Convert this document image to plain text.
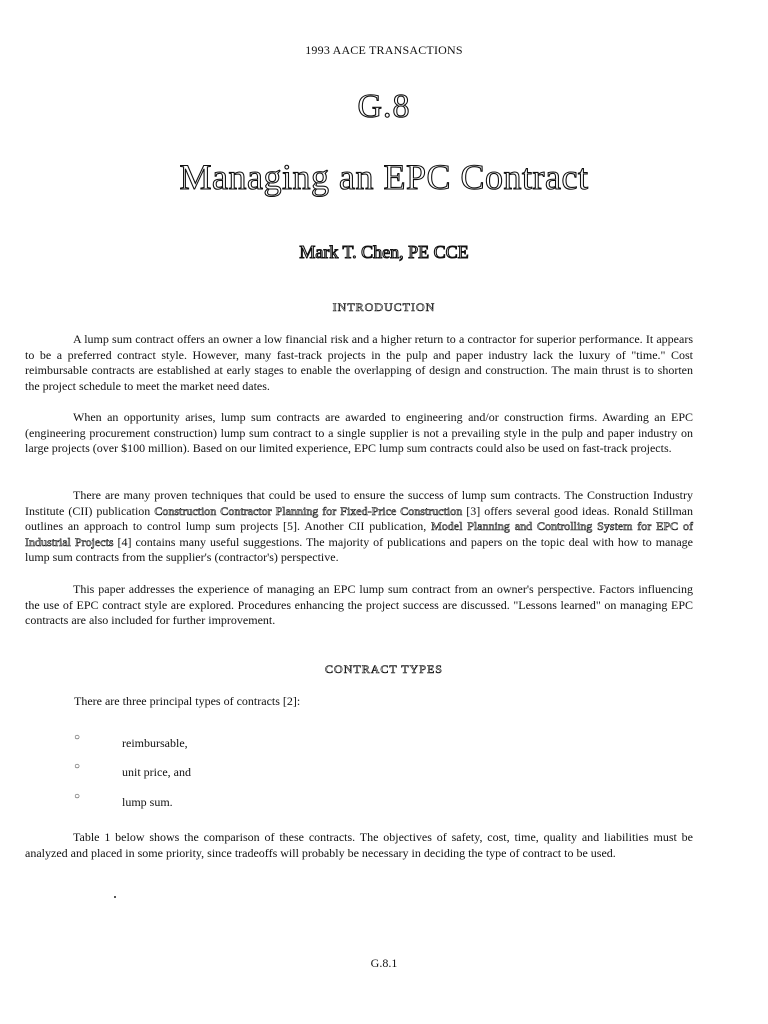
1993 AACE TRANSACTIONS
G.8
Managing an EPC Contract
Mark T. Chen, PE CCE
INTRODUCTION

A lump sum contract offers an owner a low financial risk and a higher return to a contractor for superior performance. It appears to be a preferred contract style. However, many fast-track projects in the pulp and paper industry lack the luxury of "time." Cost reimbursable contracts are established at early stages to enable the overlapping of design and construction. The main thrust is to shorten the project schedule to meet the market need dates.

When an opportunity arises, lump sum contracts are awarded to engineering and/or construction firms. Awarding an EPC (engineering procurement construction) lump sum contract to a single supplier is not a prevailing style in the pulp and paper industry on large projects (over $100 million). Based on our limited experience, EPC lump sum contracts could also be used on fast-track projects.

There are many proven techniques that could be used to ensure the success of lump sum contracts. The Construction Industry Institute (CII) publication Construction Contractor Planning for Fixed-Price Construction [3] offers several good ideas. Ronald Stillman outlines an approach to control lump sum projects [5]. Another CII publication, Model Planning and Controlling System for EPC of Industrial Projects [4] contains many useful suggestions. The majority of publications and papers on the topic deal with how to manage lump sum contracts from the supplier's (contractor's) perspective.

This paper addresses the experience of managing an EPC lump sum contract from an owner's perspective. Factors influencing the use of EPC contract style are explored. Procedures enhancing the project success are discussed. "Lessons learned" on managing EPC contracts are also included for further improvement.

CONTRACT TYPES
There are three principal types of contracts [2]:
○	reimbursable,
○	unit price, and
○	lump sum.

Table 1 below shows the comparison of these contracts. The objectives of safety, cost, time, quality and liabilities must be analyzed and placed in some priority, since tradeoffs will probably be necessary in deciding the type of contract to be used.

G.8.1
